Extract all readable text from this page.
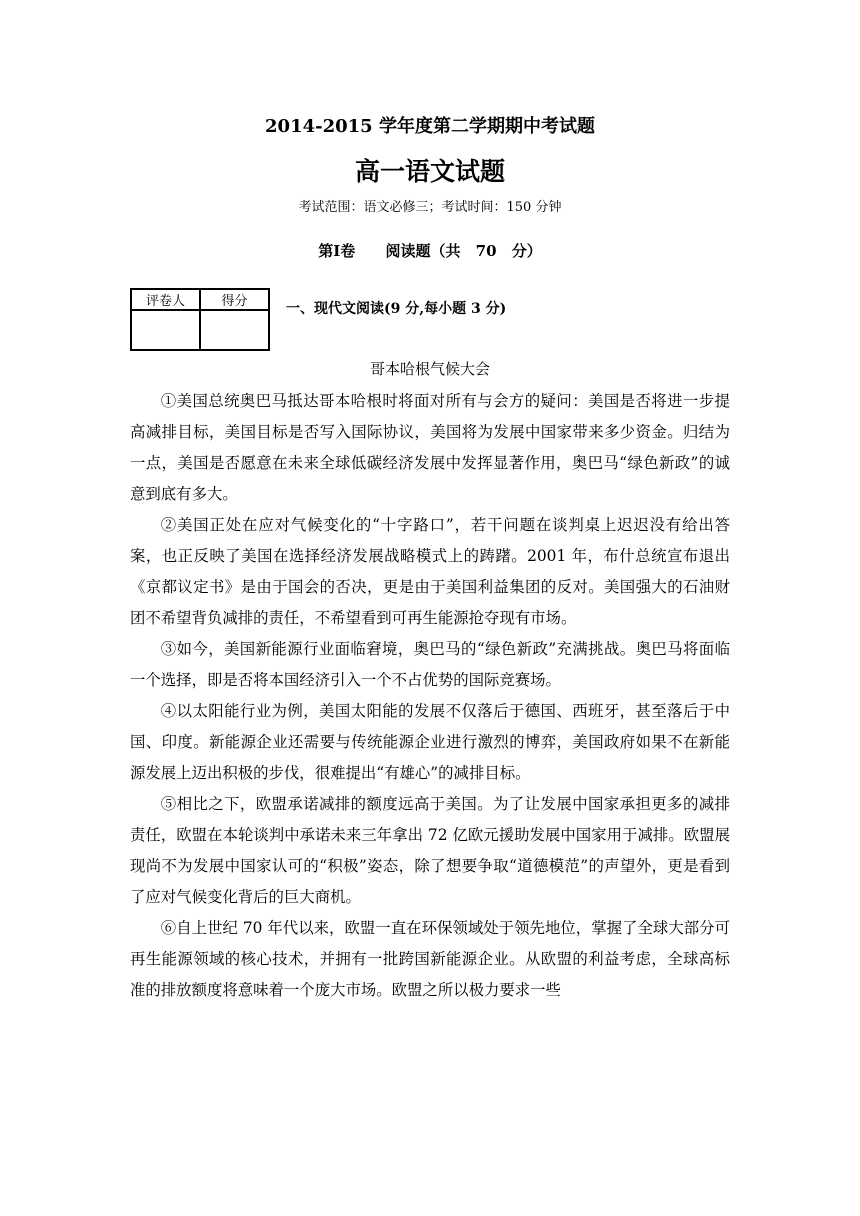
2014-2015 学年度第二学期期中考试题
高一语文试题
考试范围：语文必修三；考试时间：150 分钟
第Ⅰ卷　 阅读题（共 70 分）
评卷人	得分
		一、现代文阅读(9 分,每小题 3 分)
哥本哈根气候大会

①美国总统奥巴马抵达哥本哈根时将面对所有与会方的疑问：美国是否将进一步提高减排目标，美国目标是否写入国际协议，美国将为发展中国家带来多少资金。归结为一点，美国是否愿意在未来全球低碳经济发展中发挥显著作用，奥巴马“绿色新政”的诚意到底有多大。

②美国正处在应对气候变化的“十字路口”，若干问题在谈判桌上迟迟没有给出答案，也正反映了美国在选择经济发展战略模式上的踌躇。2001 年，布什总统宣布退出《京都议定书》是由于国会的否决，更是由于美国利益集团的反对。美国强大的石油财团不希望背负减排的责任，不希望看到可再生能源抢夺现有市场。

③如今，美国新能源行业面临窘境，奥巴马的“绿色新政”充满挑战。奥巴马将面临一个选择，即是否将本国经济引入一个不占优势的国际竞赛场。

④以太阳能行业为例，美国太阳能的发展不仅落后于德国、西班牙，甚至落后于中国、印度。新能源企业还需要与传统能源企业进行激烈的博弈，美国政府如果不在新能源发展上迈出积极的步伐，很难提出“有雄心”的减排目标。

⑤相比之下，欧盟承诺减排的额度远高于美国。为了让发展中国家承担更多的减排责任，欧盟在本轮谈判中承诺未来三年拿出 72 亿欧元援助发展中国家用于减排。欧盟展现尚不为发展中国家认可的“积极”姿态，除了想要争取“道德模范”的声望外，更是看到了应对气候变化背后的巨大商机。

⑥自上世纪 70 年代以来，欧盟一直在环保领域处于领先地位，掌握了全球大部分可再生能源领域的核心技术，并拥有一批跨国新能源企业。从欧盟的利益考虑，全球高标准的排放额度将意味着一个庞大市场。欧盟之所以极力要求一些
